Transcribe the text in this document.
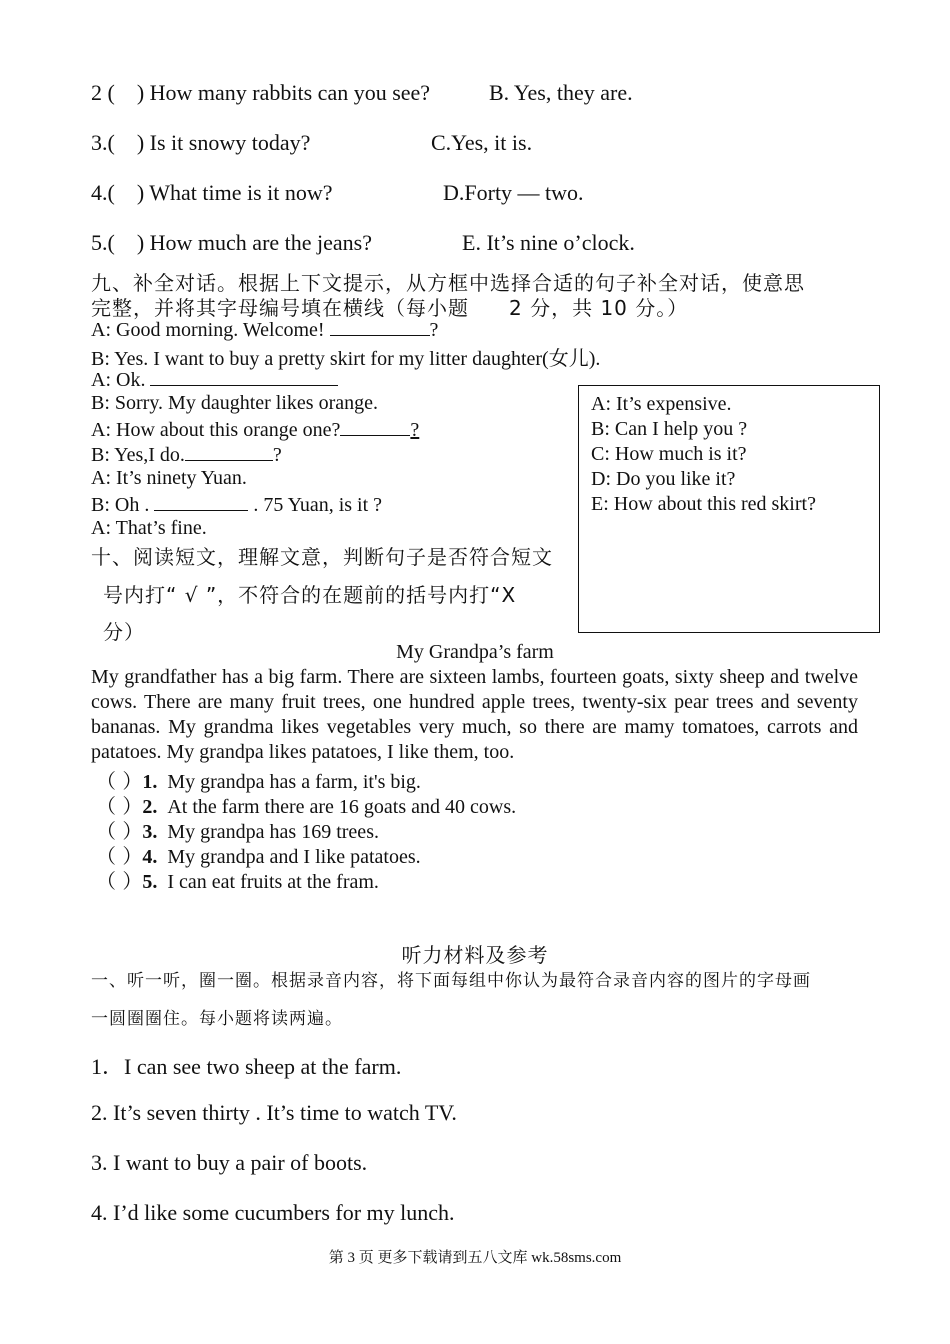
2 ( ) How many rabbits can you see?	B. Yes, they are.
3.( ) Is it snowy today?	C.Yes, it is.
4.( ) What time is it now?	D.Forty — two.
5.( ) How much are the jeans?	E. It’s nine o’clock.
九、补全对话。根据上下文提示，从方框中选择合适的句子补全对话，使意思
完整，并将其字母编号填在横线（每小题 2 分，共 10 分。）
A: Good morning. Welcome!	?
B: Yes. I want to buy a pretty skirt for my litter daughter(女儿).
A: Ok.
B: Sorry. My daughter likes orange.
A: How about this orange one?	?
B: Yes,I do.	?
A: It’s ninety Yuan.
B: Oh .	. 75 Yuan, is it ?
A: That’s fine.
十、阅读短文，理解文意，判断句子是否符合短文
号内打“ √ ”，不符合的在题前的括号内打“X
分）
A: It’s expensive.
B: Can I help you ?
C: How much is it?
D: Do you like it?
E: How about this red skirt?
My Grandpa’s farm
My grandfather has a big farm. There are sixteen lambs, fourteen goats, sixty sheep and twelve cows. There are many fruit trees, one hundred apple trees, twenty-six pear trees and seventy bananas. My grandma likes vegetables very much, so there are mamy tomatoes, carrots and patatoes. My grandpa likes patatoes, I like them, too.
（ ）1. My grandpa has a farm, it's big.
（ ）2. At the farm there are 16 goats and 40 cows.
（ ）3. My grandpa has 169 trees.
（ ）4. My grandpa and I like patatoes.
（ ）5. I can eat fruits at the fram.
听力材料及参考
一、听一听，圈一圈。根据录音内容，将下面每组中你认为最符合录音内容的图片的字母画
一圆圈圈住。每小题将读两遍。
1．I can see two sheep at the farm.
2. It’s seven thirty . It’s time to watch TV.
3. I want to buy a pair of boots.
4. I’d like some cucumbers for my lunch.
第 3 页 更多下载请到五八文库 wk.58sms.com
